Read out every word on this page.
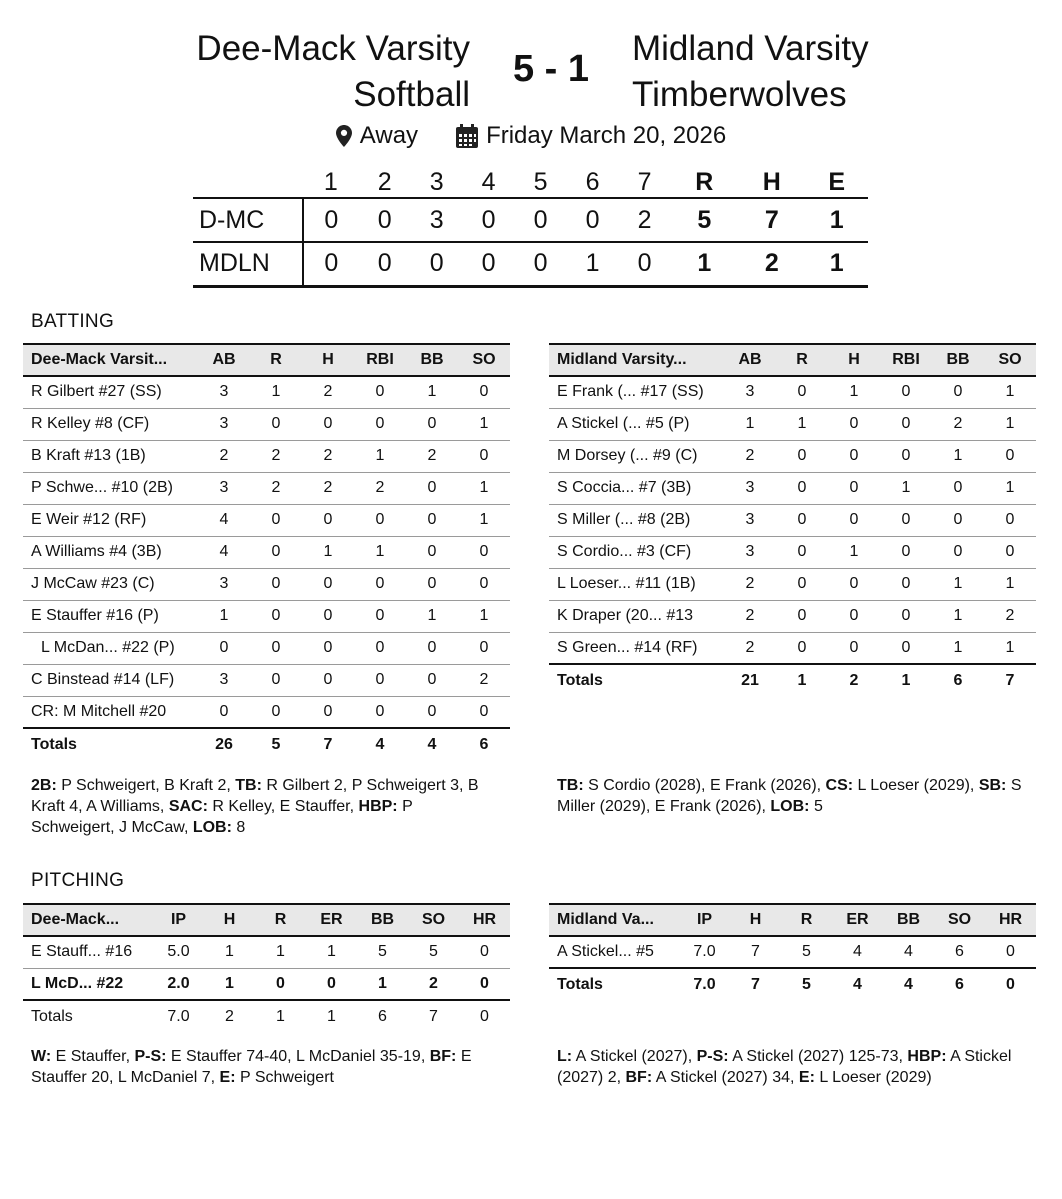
Dee-Mack Varsity
Softball
5 - 1	Midland Varsity
Timberwolves
Away	Friday March 20, 2026
	1	2	3	4	5	6	7	R	H	E
D-MC	0	0	3	0	0	0	2	5	7	1
MDLN	0	0	0	0	0	1	0	1	2	1
BATTING
Dee-Mack Varsit...	AB	R	H	RBI	BB	SO
R Gilbert #27 (SS)	3	1	2	0	1	0
R Kelley #8 (CF)	3	0	0	0	0	1
B Kraft #13 (1B)	2	2	2	1	2	0
P Schwe... #10 (2B)	3	2	2	2	0	1
E Weir #12 (RF)	4	0	0	0	0	1
A Williams #4 (3B)	4	0	1	1	0	0
J McCaw #23 (C)	3	0	0	0	0	0
E Stauffer #16 (P)	1	0	0	0	1	1
L McDan... #22 (P)	0	0	0	0	0	0
C Binstead #14 (LF)	3	0	0	0	0	2
CR: M Mitchell #20	0	0	0	0	0	0
Totals	26	5	7	4	4	6
Midland Varsity...	AB	R	H	RBI	BB	SO
E Frank (... #17 (SS)	3	0	1	0	0	1
A Stickel (... #5 (P)	1	1	0	0	2	1
M Dorsey (... #9 (C)	2	0	0	0	1	0
S Coccia... #7 (3B)	3	0	0	1	0	1
S Miller (... #8 (2B)	3	0	0	0	0	0
S Cordio... #3 (CF)	3	0	1	0	0	0
L Loeser... #11 (1B)	2	0	0	0	1	1
K Draper (20... #13	2	0	0	0	1	2
S Green... #14 (RF)	2	0	0	0	1	1
Totals	21	1	2	1	6	7
2B: P Schweigert, B Kraft 2, TB: R Gilbert 2, P Schweigert 3, B Kraft 4, A Williams, SAC: R Kelley, E Stauffer, HBP: P Schweigert, J McCaw, LOB: 8
TB: S Cordio (2028), E Frank (2026), CS: L Loeser (2029), SB: S Miller (2029), E Frank (2026), LOB: 5
PITCHING
Dee-Mack...	IP	H	R	ER	BB	SO	HR
E Stauff... #16	5.0	1	1	1	5	5	0
L McD... #22	2.0	1	0	0	1	2	0
Totals	7.0	2	1	1	6	7	0
Midland Va...	IP	H	R	ER	BB	SO	HR
A Stickel... #5	7.0	7	5	4	4	6	0
Totals	7.0	7	5	4	4	6	0
W: E Stauffer, P-S: E Stauffer 74-40, L McDaniel 35-19, BF: E Stauffer 20, L McDaniel 7, E: P Schweigert
L: A Stickel (2027), P-S: A Stickel (2027) 125-73, HBP: A Stickel (2027) 2, BF: A Stickel (2027) 34, E: L Loeser (2029)
